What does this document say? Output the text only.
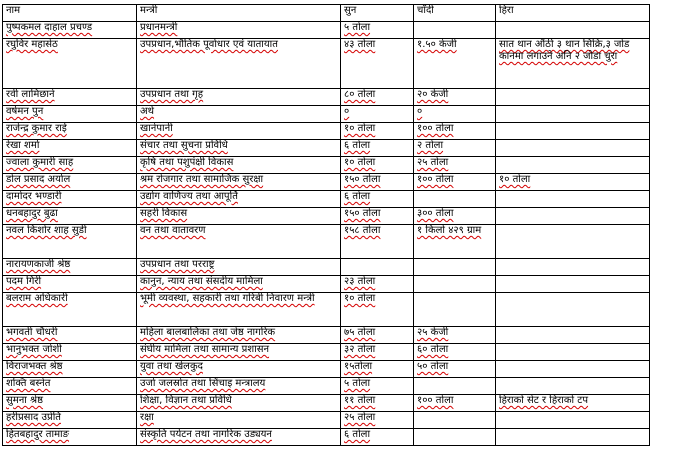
नाम	मन्त्री	सुन	चाँदी	हिरा
पुष्पकमल दाहाल प्रचण्ड	प्रधानमन्त्री	५ तोला		
रघुविर महासेठ	उपप्रधान,भौतिक पूर्वाधार एवं यातायात	४३ तोला	१.५० केजी	सात थान औंठी ३ थान सिक्रि,३ जोड कानमा लगाउने अनि २ जोडा चुरा
रवी लामिछाने	उपप्रधान तथा गृह	८० तोला	२० केजी	
वर्षमन पुन	अर्थ	०	०	
राजेन्द्र कुमार राई	खानेपानी	१० तोला	१०० तोला	
रेखा शर्मा	संचार तथा सुचना प्रविधि	६ तोला	२ तोला	
ज्वाला कुमारी साह	कृषि तथा पशुपंक्षी विकास	१० तोला	२५ तोला	
डोल प्रसाद अर्याल	श्रम रोजगार तथा सामाजिक सुरक्षा	१५० तोला	१०० तोला	१० तोला
दामोदर भण्डारी	उद्योग वाणिज्य तथा आपूर्ति	६ तोला		
धनबहादुर बुढा	सहरी विकास	१५० तोला	३०० तोला	
नवल किशोर शाह सुडी	वन तथा वातावरण	१५८ तोला	१ किलो ४२९ ग्राम	
नारायणकाजी श्रेष्ठ	उपप्रधान तथा परराष्ट्र			
पदम गिरी	कानुन, न्याय तथा संसदीय मामिला	२३ तोला		
बलराम अधिकारी	भूमी व्यवस्था, सहकारी तथा गरिबी निवारण मन्त्री	१० तोला		
भगवती चौधरी	महिला बालबालिका तथा जेष्ठ नागरिक	७५ तोला	२५ केजी	
भानुभक्त जोशी	संघीय मामिला तथा सामान्य प्रशासन	३२ तोला	६० तोला	
विराजभक्त श्रेष्ठ	युवा तथा खेलकुद	१५तोला	५० तोला	
शक्ति बस्नेत	उर्जा जलस्रोत तथा सिंचाइ मन्त्रालय	५ तोला		
सुमना श्रेष्ठ	शिक्षा, विज्ञान तथा प्रविधि	११ तोला	१०० तोला	हिराको सेट र हिराको टप
हरीप्रसाद उप्रेति	रक्षा	२५ तोला		
हितबहादुर तामाङ	संस्कृति पर्यटन तथा नागरिक उड्ययन	६ तोला		
